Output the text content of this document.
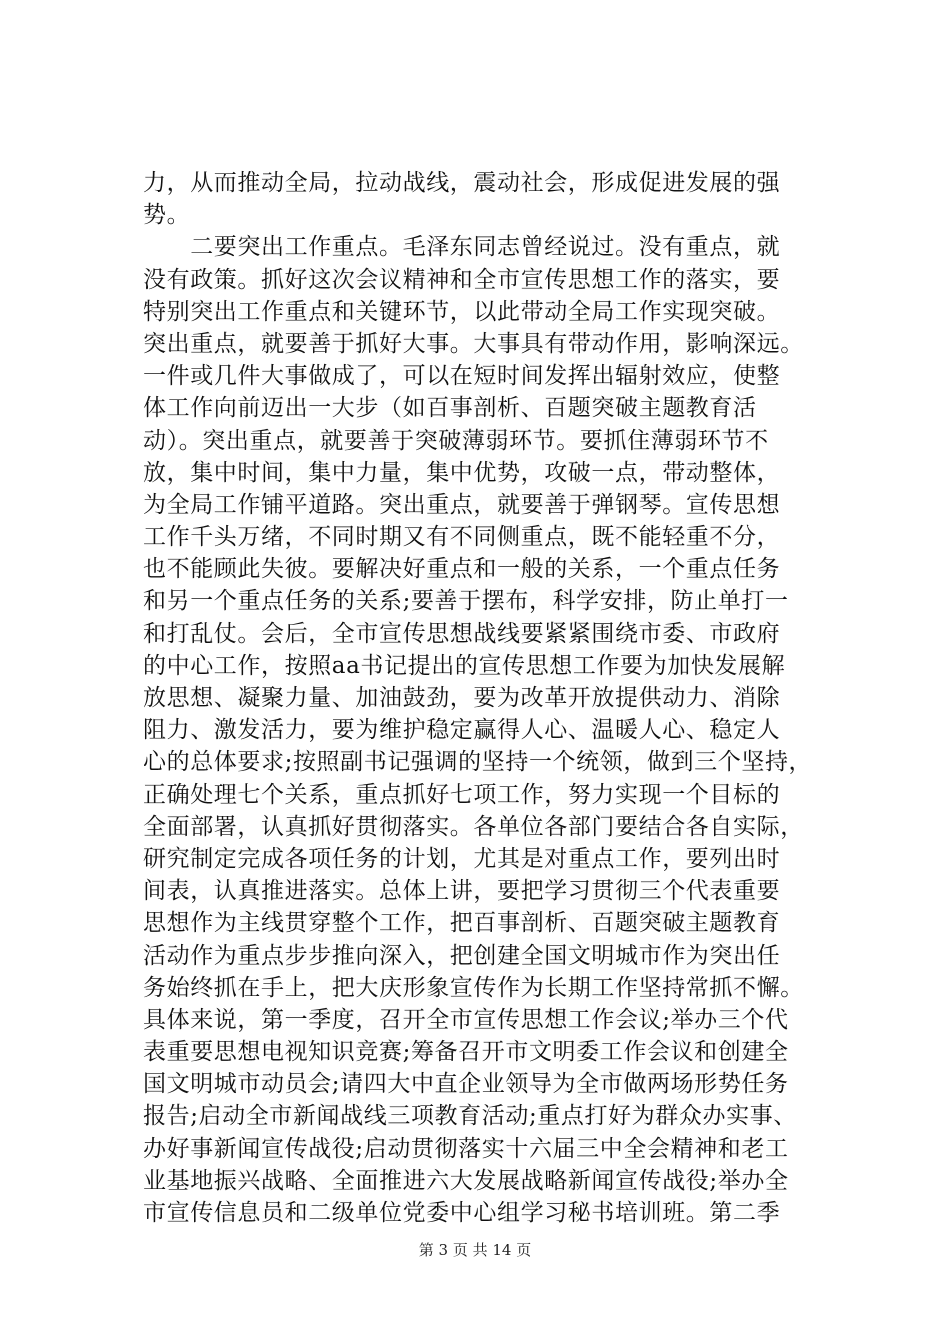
力，从而推动全局，拉动战线，震动社会，形成促进发展的强
势。
　　二要突出工作重点。毛泽东同志曾经说过。没有重点，就
没有政策。抓好这次会议精神和全市宣传思想工作的落实，要
特别突出工作重点和关键环节，以此带动全局工作实现突破。
突出重点，就要善于抓好大事。大事具有带动作用，影响深远。
一件或几件大事做成了，可以在短时间发挥出辐射效应，使整
体工作向前迈出一大步（如百事剖析、百题突破主题教育活
动）。突出重点，就要善于突破薄弱环节。要抓住薄弱环节不
放，集中时间，集中力量，集中优势，攻破一点，带动整体，
为全局工作铺平道路。突出重点，就要善于弹钢琴。宣传思想
工作千头万绪，不同时期又有不同侧重点，既不能轻重不分，
也不能顾此失彼。要解决好重点和一般的关系，一个重点任务
和另一个重点任务的关系;要善于摆布，科学安排，防止单打一
和打乱仗。会后，全市宣传思想战线要紧紧围绕市委、市政府
的中心工作，按照aa书记提出的宣传思想工作要为加快发展解
放思想、凝聚力量、加油鼓劲，要为改革开放提供动力、消除
阻力、激发活力，要为维护稳定赢得人心、温暖人心、稳定人
心的总体要求;按照副书记强调的坚持一个统领，做到三个坚持，
正确处理七个关系，重点抓好七项工作，努力实现一个目标的
全面部署，认真抓好贯彻落实。各单位各部门要结合各自实际，
研究制定完成各项任务的计划，尤其是对重点工作，要列出时
间表，认真推进落实。总体上讲，要把学习贯彻三个代表重要
思想作为主线贯穿整个工作，把百事剖析、百题突破主题教育
活动作为重点步步推向深入，把创建全国文明城市作为突出任
务始终抓在手上，把大庆形象宣传作为长期工作坚持常抓不懈。
具体来说，第一季度，召开全市宣传思想工作会议;举办三个代
表重要思想电视知识竞赛;筹备召开市文明委工作会议和创建全
国文明城市动员会;请四大中直企业领导为全市做两场形势任务
报告;启动全市新闻战线三项教育活动;重点打好为群众办实事、
办好事新闻宣传战役;启动贯彻落实十六届三中全会精神和老工
业基地振兴战略、全面推进六大发展战略新闻宣传战役;举办全
市宣传信息员和二级单位党委中心组学习秘书培训班。第二季
第 3 页 共 14 页
